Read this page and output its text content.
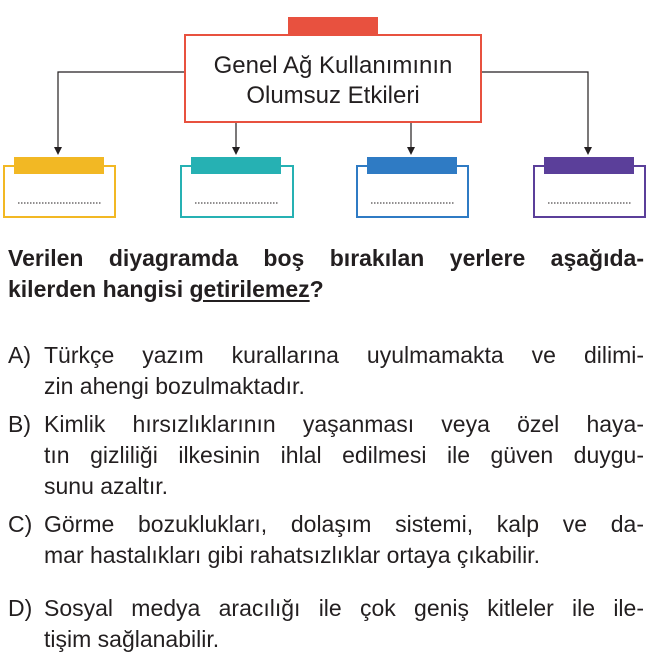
Genel Ağ Kullanımının
Olumsuz Etkileri
Verilen diyagramda boş bırakılan yerlere aşağıda-
kilerden hangisi getirilemez?
A) Türkçe yazım kurallarına uyulmamakta ve dilimi-
zin ahengi bozulmaktadır.
B) Kimlik hırsızlıklarının yaşanması veya özel haya-
tın gizliliği ilkesinin ihlal edilmesi ile güven duygu-
sunu azaltır.
C) Görme bozuklukları, dolaşım sistemi, kalp ve da-
mar hastalıkları gibi rahatsızlıklar ortaya çıkabilir.
D) Sosyal medya aracılığı ile çok geniş kitleler ile ile-
tişim sağlanabilir.
